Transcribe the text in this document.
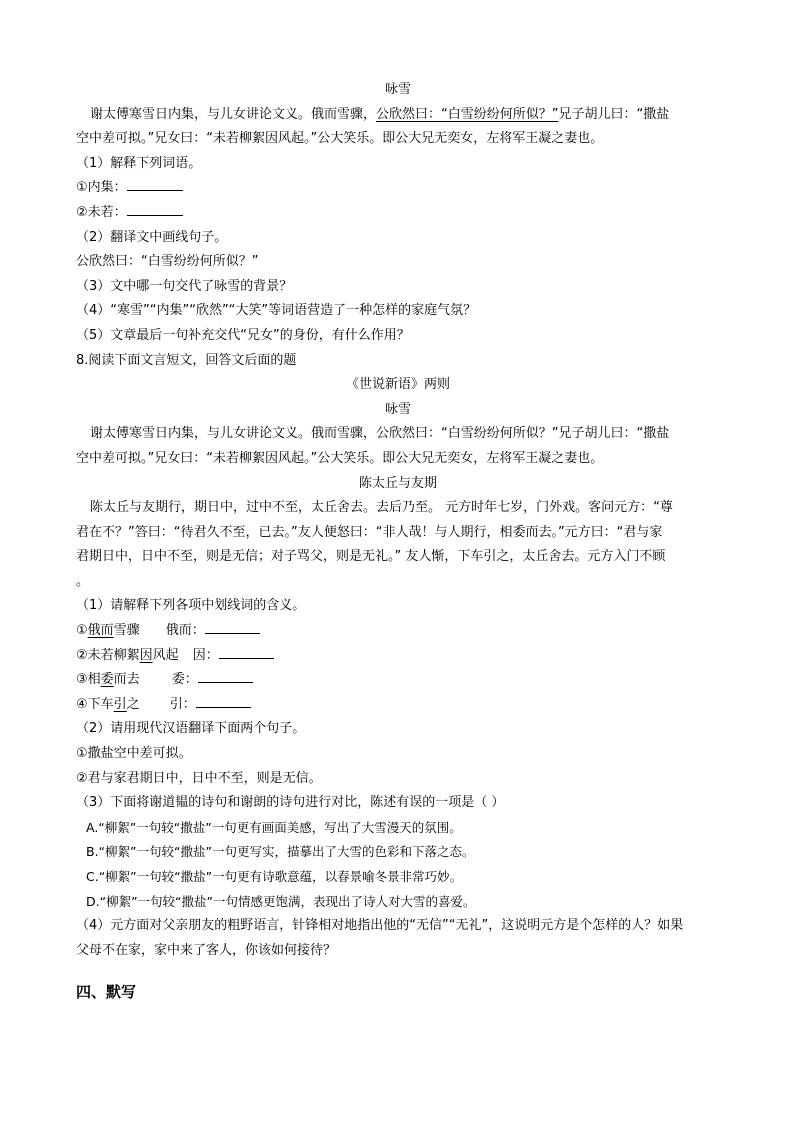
咏雪
谢太傅寒雪日内集，与儿女讲论文义。俄而雪骤，公欣然曰：“白雪纷纷何所似？”兄子胡儿曰：“撒盐
空中差可拟。”兄女曰：“未若柳絮因风起。”公大笑乐。即公大兄无奕女，左将军王凝之妻也。
（1）解释下列词语。
①内集：
②未若：
（2）翻译文中画线句子。
公欣然曰：“白雪纷纷何所似？”
（3）文中哪一句交代了咏雪的背景？
（4）“寒雪”“内集”“欣然”“大笑”等词语营造了一种怎样的家庭气氛？
（5）文章最后一句补充交代“兄女”的身份，有什么作用？
8.阅读下面文言短文，回答文后面的题
《世说新语》两则
咏雪
谢太傅寒雪日内集，与儿女讲论文义。俄而雪骤，公欣然曰：“白雪纷纷何所似？”兄子胡儿曰：“撒盐
空中差可拟。”兄女曰：“未若柳絮因风起。”公大笑乐。即公大兄无奕女，左将军王凝之妻也。
陈太丘与友期
陈太丘与友期行，期日中，过中不至，太丘舍去。去后乃至。 元方时年七岁，门外戏。客问元方：“尊
君在不？”答曰：“待君久不至，已去。”友人便怒曰：“非人哉！与人期行，相委而去。”元方曰：“君与家
君期日中，日中不至，则是无信；对子骂父，则是无礼。” 友人惭，下车引之，太丘舍去。元方入门不顾
。
（1）请解释下列各项中划线词的含义。
①俄而雪骤 俄而：
②未若柳絮因风起 因：
③相委而去 委：
④下车引之 引：
（2）请用现代汉语翻译下面两个句子。
①撒盐空中差可拟。
②君与家君期日中，日中不至，则是无信。
（3）下面将谢道韫的诗句和谢朗的诗句进行对比，陈述有误的一项是（ ）
A.“柳絮”一句较“撒盐”一句更有画面美感，写出了大雪漫天的氛围。
B.“柳絮”一句较“撒盐”一句更写实，描摹出了大雪的色彩和下落之态。
C.“柳絮”一句较“撒盐”一句更有诗歌意蕴，以春景喻冬景非常巧妙。
D.“柳絮”一句较“撒盐”一句情感更饱满，表现出了诗人对大雪的喜爱。
（4）元方面对父亲朋友的粗野语言，针锋相对地指出他的“无信”“无礼”，这说明元方是个怎样的人？如果
父母不在家，家中来了客人，你该如何接待？
四、默写
